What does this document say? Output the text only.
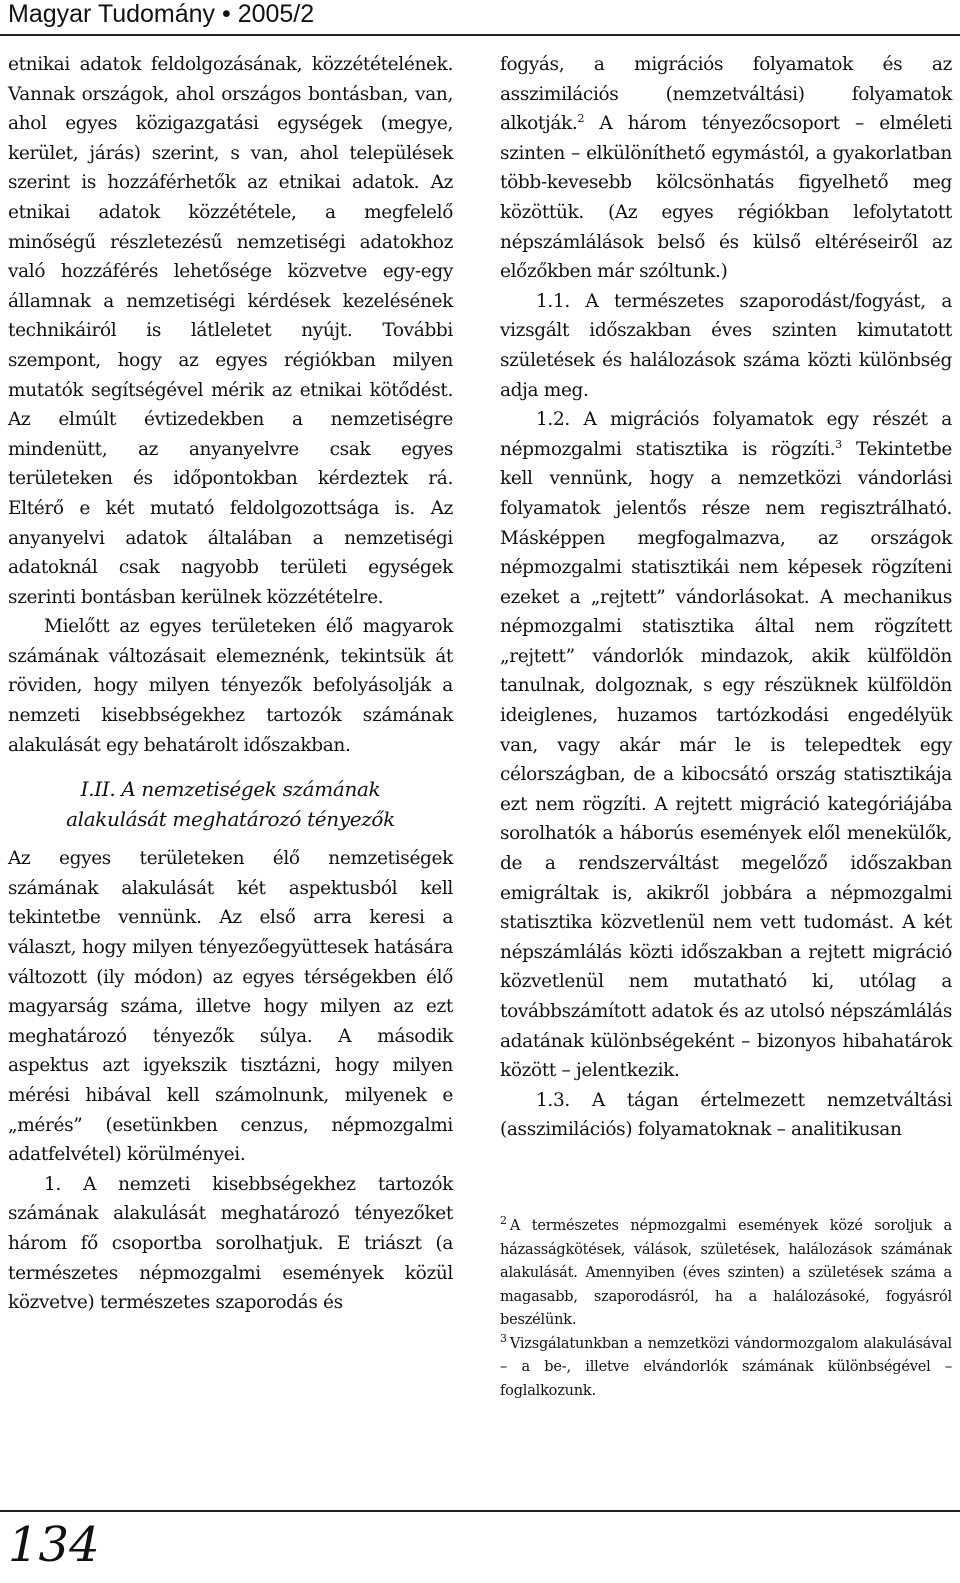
Magyar Tudomány • 2005/2

etnikai adatok feldolgozásának, közzétételének. Vannak országok, ahol országos bontásban, van, ahol egyes közigazgatási egységek (megye, kerület, járás) szerint, s van, ahol települések szerint is hozzáférhetők az etnikai adatok. Az etnikai adatok közzététele, a megfelelő minőségű részletezésű nemzetiségi adatokhoz való hozzáférés lehetősége közvetve egy-egy államnak a nemzetiségi kérdések kezelésének technikáiról is látleletet nyújt. További szempont, hogy az egyes régiókban milyen mutatók segítségével mérik az etnikai kötődést. Az elmúlt évtizedekben a nemzetiségre mindenütt, az anyanyelvre csak egyes területeken és időpontokban kérdeztek rá. Eltérő e két mutató feldolgozottsága is. Az anyanyelvi adatok általában a nemzetiségi adatoknál csak nagyobb területi egységek szerinti bontásban kerülnek közzétételre.

Mielőtt az egyes területeken élő magyarok számának változásait elemeznénk, tekintsük át röviden, hogy milyen tényezők befolyásolják a nemzeti kisebbségekhez tartozók számának alakulását egy behatárolt időszakban.

I.II. A nemzetiségek számának
alakulását meghatározó tényezők

Az egyes területeken élő nemzetiségek számának alakulását két aspektusból kell tekintetbe vennünk. Az első arra keresi a választ, hogy milyen tényezőegyüttesek hatására változott (ily módon) az egyes térségekben élő magyarság száma, illetve hogy milyen az ezt meghatározó tényezők súlya. A második aspektus azt igyekszik tisztázni, hogy milyen mérési hibával kell számolnunk, milyenek e „mérés” (esetünkben cenzus, népmozgalmi adatfelvétel) körülményei.

1. A nemzeti kisebbségekhez tartozók számának alakulását meghatározó tényezőket három fő csoportba sorolhatjuk. E triászt (a természetes népmozgalmi események közül közvetve) természetes szaporodás és

fogyás, a migrációs folyamatok és az asszimilációs (nemzetváltási) folyamatok alkotják.$^2$ A három tényezőcsoport – elméleti szinten – elkülöníthető egymástól, a gyakorlatban több-kevesebb kölcsönhatás figyelhető meg közöttük. (Az egyes régiókban lefolytatott népszámlálások belső és külső eltéréseiről az előzőkben már szóltunk.)

1.1. A természetes szaporodást/fogyást, a vizsgált időszakban éves szinten kimutatott születések és halálozások száma közti különbség adja meg.

1.2. A migrációs folyamatok egy részét a népmozgalmi statisztika is rögzíti.$^3$ Tekintetbe kell vennünk, hogy a nemzetközi vándorlási folyamatok jelentős része nem regisztrálható. Másképpen megfogalmazva, az országok népmozgalmi statisztikái nem képesek rögzíteni ezeket a „rejtett” vándorlásokat. A mechanikus népmozgalmi statisztika által nem rögzített „rejtett” vándorlók mindazok, akik külföldön tanulnak, dolgoznak, s egy részüknek külföldön ideiglenes, huzamos tartózkodási engedélyük van, vagy akár már le is telepedtek egy célországban, de a kibocsátó ország statisztikája ezt nem rögzíti. A rejtett migráció kategóriájába sorolhatók a háborús események elől menekülők, de a rendszerváltást megelőző időszakban emigráltak is, akikről jobbára a népmozgalmi statisztika közvetlenül nem vett tudomást. A két népszámlálás közti időszakban a rejtett migráció közvetlenül nem mutatható ki, utólag a továbbszámított adatok és az utolsó népszámlálás adatának különbségeként – bizonyos hibahatárok között – jelentkezik.

1.3. A tágan értelmezett nemzetváltási (asszimilációs) folyamatoknak – analitikusan

$^2$ A természetes népmozgalmi események közé soroljuk a házasságkötések, válások, születések, halálozások számának alakulását. Amennyiben (éves szinten) a születések száma a magasabb, szaporodásról, ha a halálozásoké, fogyásról beszélünk.

$^3$ Vizsgálatunkban a nemzetközi vándormozgalom alakulásával – a be-, illetve elvándorlók számának különbségével – foglalkozunk.

134
